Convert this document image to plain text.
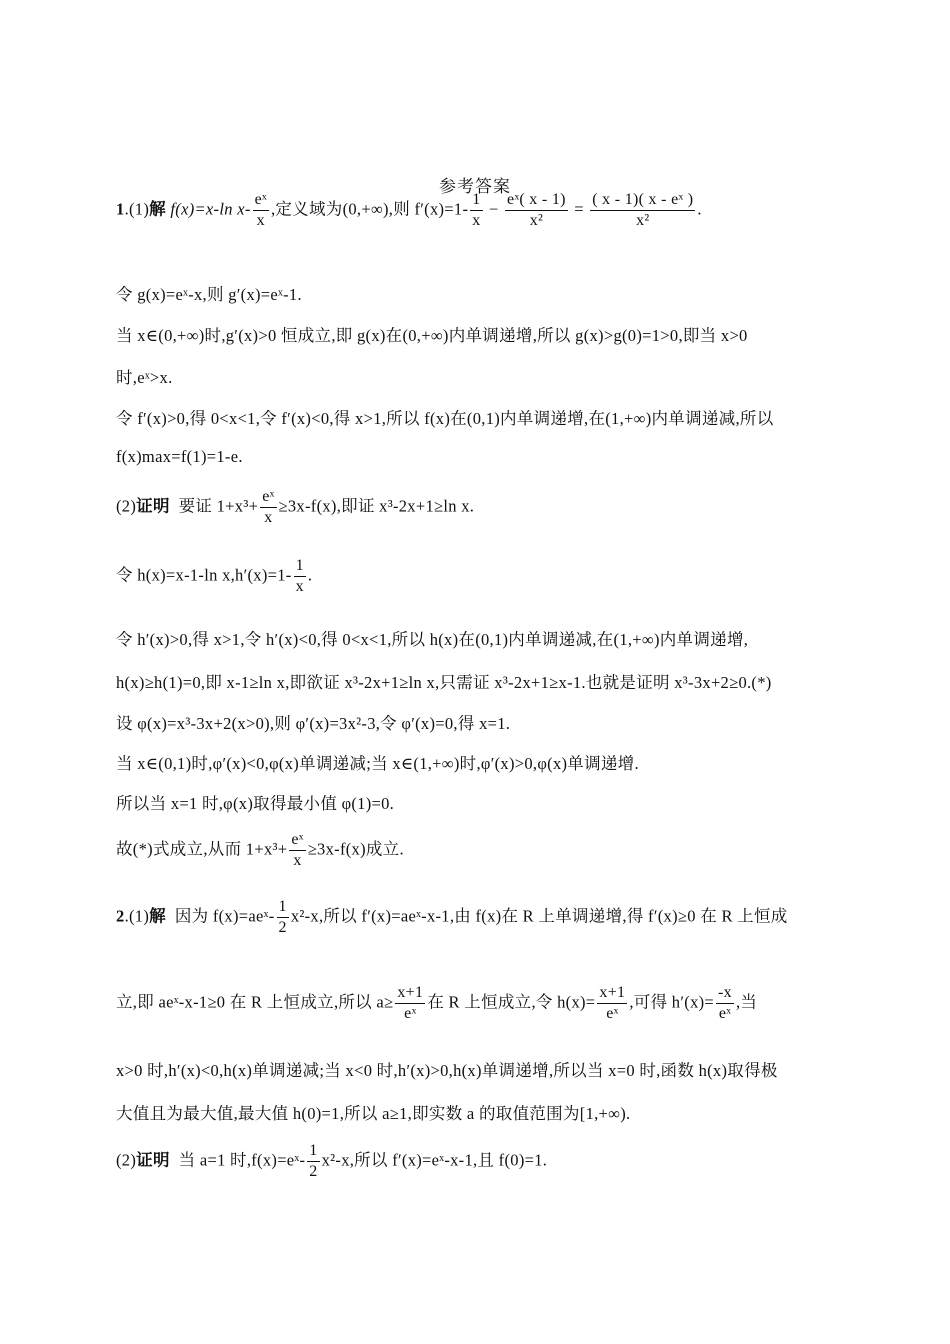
参考答案
1.(1)解 f(x)=x-ln $x- \frac{\text{eˣ}}{x}$ ,定义域为(0,+∞),则 $f'(x)=1- \frac{1}{x} - \frac{\text{eˣ( x - 1)}}{\text{x²}} = \frac{\text{( x - 1)( x - eˣ )}}{\text{x²}}$ .
令 g(x)=eˣ-x,则 g′(x)=eˣ-1.
当 x∈(0,+∞)时,g′(x)>0 恒成立,即 g(x)在(0,+∞)内单调递增,所以 g(x)>g(0)=1>0,即当 x>0
时,eˣ>x.
令 f′(x)>0,得 0<x<1,令 f′(x)<0,得 x>1,所以 f(x)在(0,1)内单调递增,在(1,+∞)内单调递减,所以
f(x)max=f(1)=1-e.
(2)证明 要证 $1+x^3+ \frac{\text{eˣ}}{x} \ge 3x-f(x)$,即证 x³-2x+1≥ln x.
令 h(x)=x-1-ln $x,h'(x)=1- \frac{1}{x}$ .
令 h′(x)>0,得 x>1,令 h′(x)<0,得 0<x<1,所以 h(x)在(0,1)内单调递减,在(1,+∞)内单调递增,
h(x)≥h(1)=0,即 x-1≥ln x,即欲证 x³-2x+1≥ln x,只需证 x³-2x+1≥x-1.也就是证明 x³-3x+2≥0.(*)
设 φ(x)=x³-3x+2(x>0),则 φ′(x)=3x²-3,令 φ′(x)=0,得 x=1.
当 x∈(0,1)时,φ′(x)<0,φ(x)单调递减;当 x∈(1,+∞)时,φ′(x)>0,φ(x)单调递增.
所以当 x=1 时,φ(x)取得最小值 φ(1)=0.
故(*)式成立,从而 $1+x^3+ \frac{\text{eˣ}}{x} \ge 3x-f(x)$成立.
2.(1)解 因为 f(x)=aeˣ- $\frac{1}{2} x^2-x$,所以 f′(x)=aeˣ-x-1,由 f(x)在 R 上单调递增,得 f′(x)≥0 在 R 上恒成
立,即 aeˣ-x-1≥0 在 R 上恒成立,所以 $a\ge \frac{x+1}{\text{eˣ}}$ 在 R 上恒成立,令 $h(x)= \frac{x+1}{\text{eˣ}}$ ,可得 $h'(x)= \frac{-x}{\text{eˣ}}$ ,当
x>0 时,h′(x)<0,h(x)单调递减;当 x<0 时,h′(x)>0,h(x)单调递增,所以当 x=0 时,函数 h(x)取得极
大值且为最大值,最大值 h(0)=1,所以 a≥1,即实数 a 的取值范围为[1,+∞).
(2)证明 当 a=1 时,f(x)=eˣ- $\frac{1}{2} x^2-x$,所以 f′(x)=eˣ-x-1,且 f(0)=1.
